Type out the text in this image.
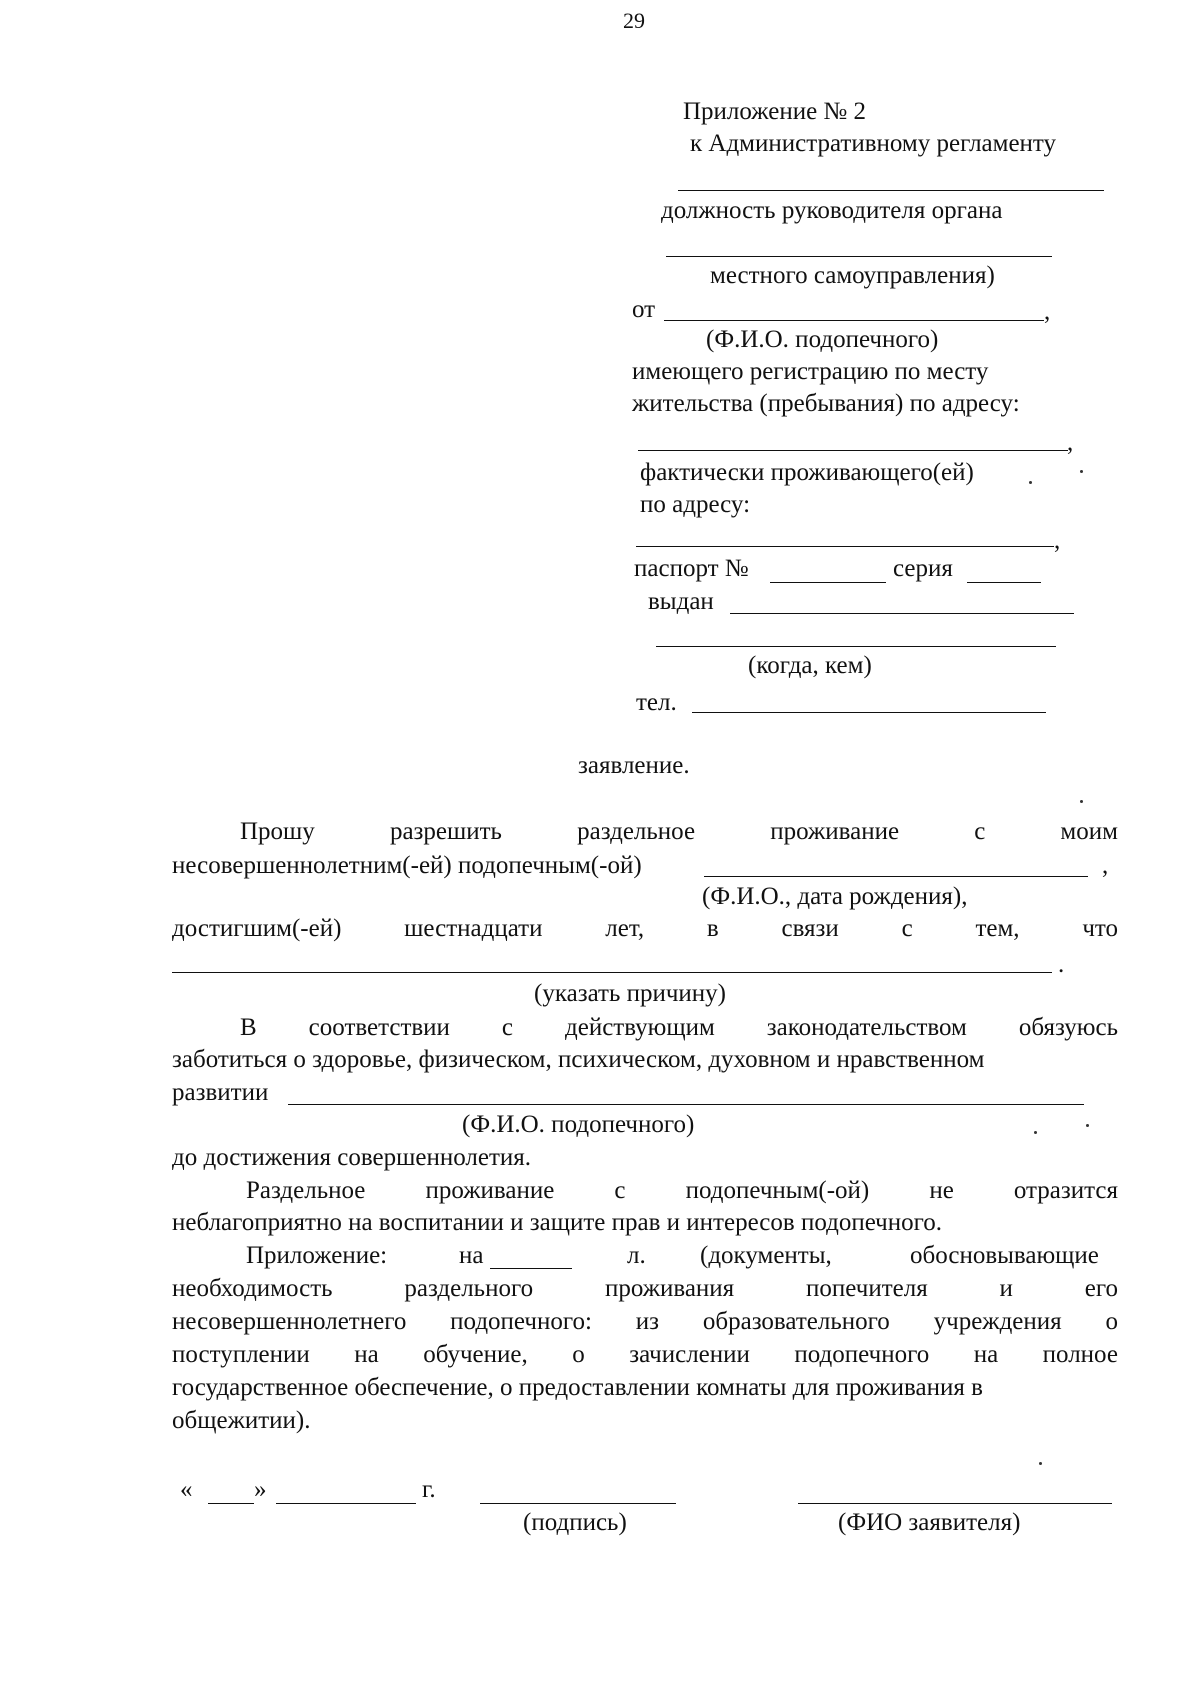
29
Приложение № 2
к Административному регламенту
должность руководителя органа
местного самоуправления)
от	,
(Ф.И.О. подопечного)
имеющего регистрацию по месту
жительства (пребывания) по адресу:
,
фактически проживающего(ей)
по адресу:
,
паспорт №	серия
выдан
(когда, кем)
тел.
заявление.
Прошу	разрешить	раздельное	проживание	с	моим
несовершеннолетним(-ей) подопечным(-ой)	,
(Ф.И.О., дата рождения),
достигшим(-ей)	шестнадцати	лет,	в	связи	с	тем,	что
.
(указать причину)
В соответствии с действующим законодательством обязуюсь
заботиться о здоровье, физическом, психическом, духовном и нравственном
развитии
(Ф.И.О. подопечного)
до достижения совершеннолетия.
Раздельное проживание с подопечным(-ой) не отразится
неблагоприятно на воспитании и защите прав и интересов подопечного.
Приложение:	на	л. (документы,	обосновывающие
необходимость	раздельного	проживания	попечителя	и	его
несовершеннолетнего подопечного: из образовательного учреждения о
поступлении на обучение, о зачислении подопечного на полное
государственное обеспечение, о предоставлении комнаты для проживания в
общежитии).
« »	г.
(подпись)	(ФИО заявителя)
